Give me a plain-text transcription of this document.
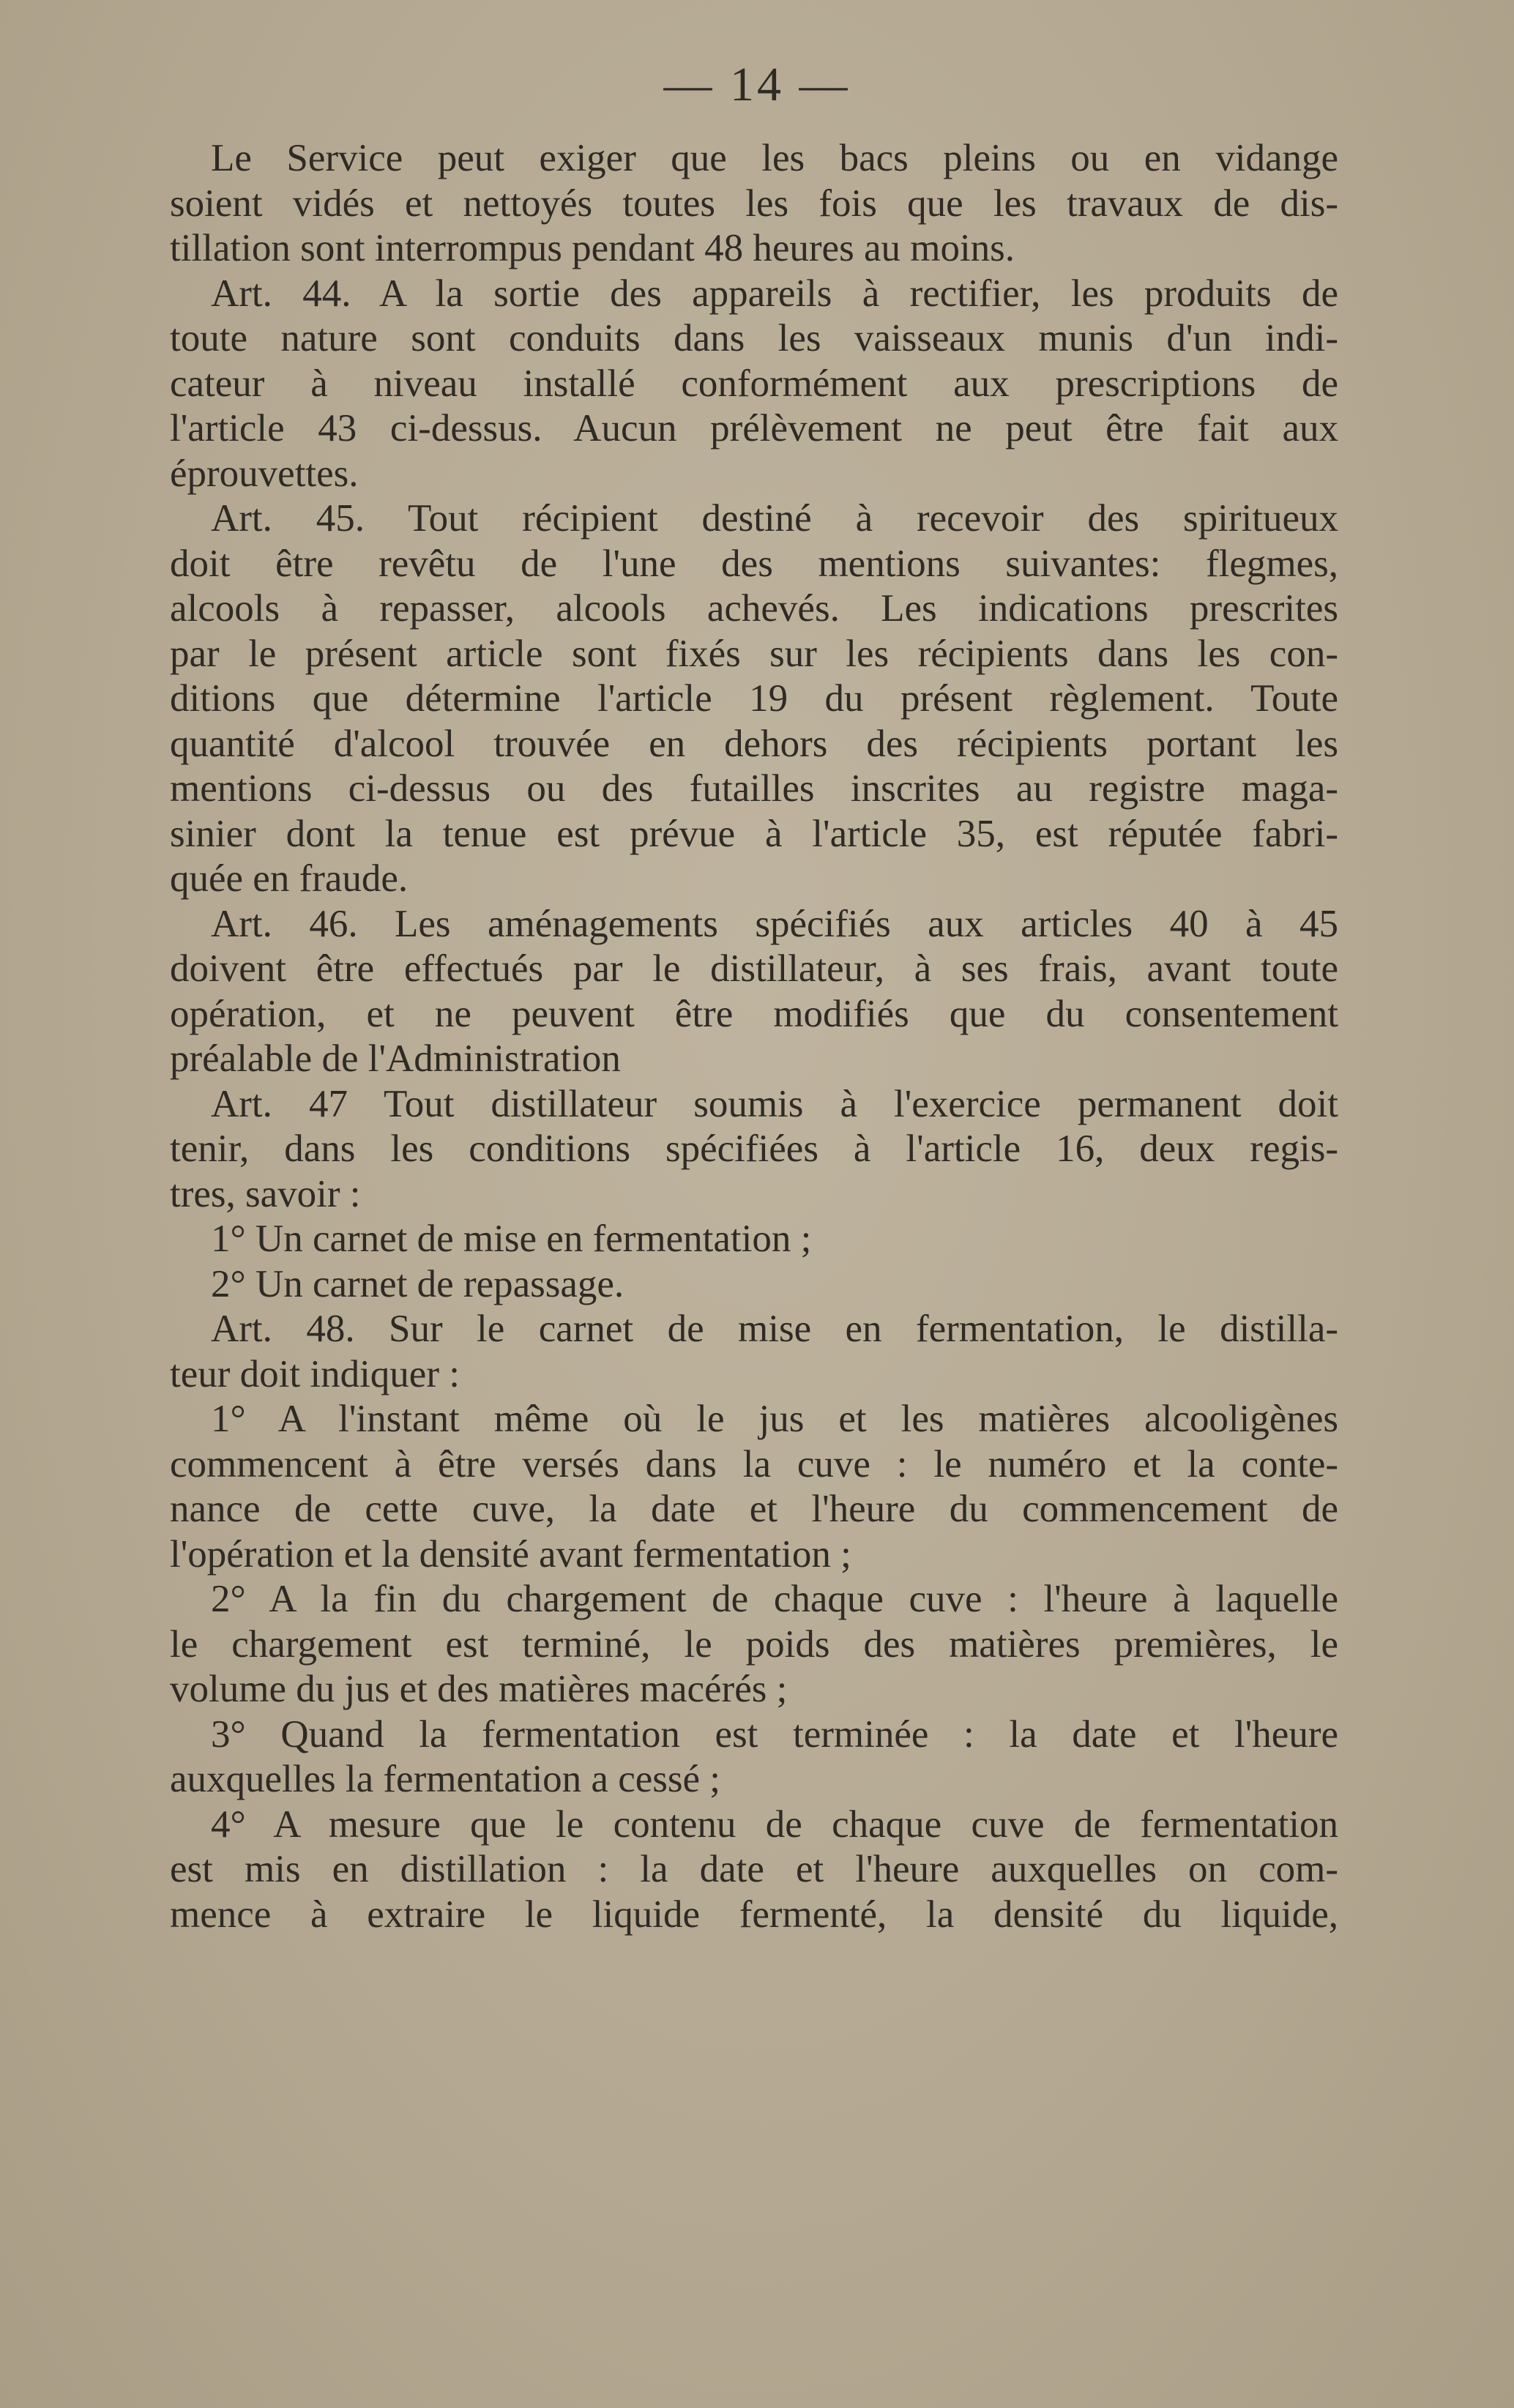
— 14 —
Le Service peut exiger que les bacs pleins ou en vidange
soient vidés et nettoyés toutes les fois que les travaux de dis-
tillation sont interrompus pendant 48 heures au moins.
Art. 44. A la sortie des appareils à rectifier, les produits de
toute nature sont conduits dans les vaisseaux munis d'un indi-
cateur à niveau installé conformément aux prescriptions de
l'article 43 ci-dessus. Aucun prélèvement ne peut être fait aux
éprouvettes.
Art. 45. Tout récipient destiné à recevoir des spiritueux
doit être revêtu de l'une des mentions suivantes: flegmes,
alcools à repasser, alcools achevés. Les indications prescrites
par le présent article sont fixés sur les récipients dans les con-
ditions que détermine l'article 19 du présent règlement. Toute
quantité d'alcool trouvée en dehors des récipients portant les
mentions ci-dessus ou des futailles inscrites au registre maga-
sinier dont la tenue est prévue à l'article 35, est réputée fabri-
quée en fraude.
Art. 46. Les aménagements spécifiés aux articles 40 à 45
doivent être effectués par le distillateur, à ses frais, avant toute
opération, et ne peuvent être modifiés que du consentement
préalable de l'Administration
Art. 47 Tout distillateur soumis à l'exercice permanent doit
tenir, dans les conditions spécifiées à l'article 16, deux regis-
tres, savoir :
1° Un carnet de mise en fermentation ;
2° Un carnet de repassage.
Art. 48. Sur le carnet de mise en fermentation, le distilla-
teur doit indiquer :
1° A l'instant même où le jus et les matières alcooligènes
commencent à être versés dans la cuve : le numéro et la conte-
nance de cette cuve, la date et l'heure du commencement de
l'opération et la densité avant fermentation ;
2° A la fin du chargement de chaque cuve : l'heure à laquelle
le chargement est terminé, le poids des matières premières, le
volume du jus et des matières macérés ;
3° Quand la fermentation est terminée : la date et l'heure
auxquelles la fermentation a cessé ;
4° A mesure que le contenu de chaque cuve de fermentation
est mis en distillation : la date et l'heure auxquelles on com-
mence à extraire le liquide fermenté, la densité du liquide,
